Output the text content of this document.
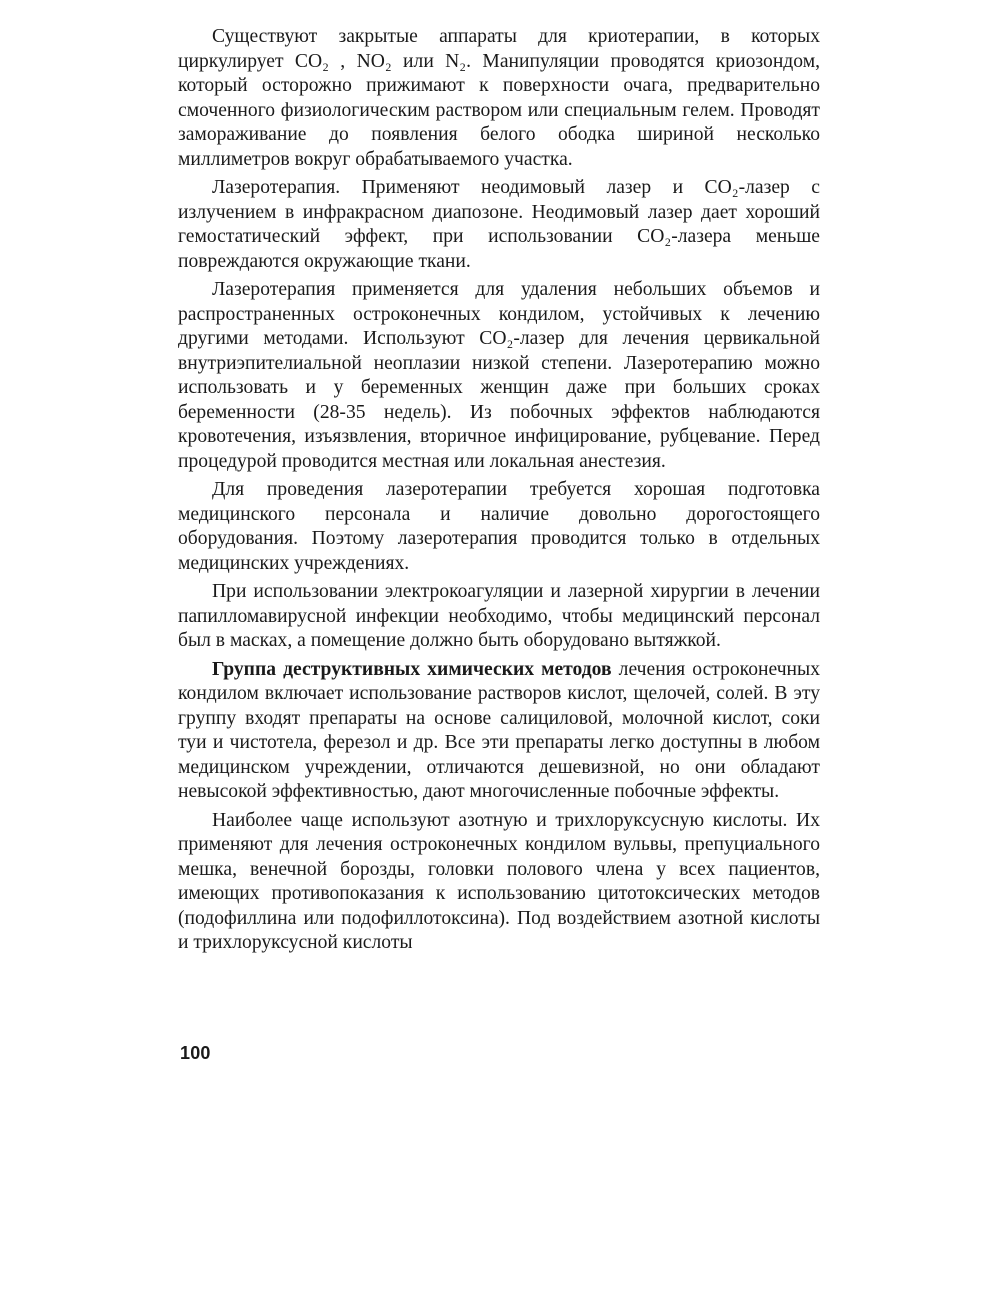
Существуют закрытые аппараты для криотерапии, в которых циркулирует CO₂ , NO₂ или N₂. Манипуляции проводятся криозондом, который осторожно прижимают к поверхности очага, предварительно смоченного физиологическим раствором или специальным гелем. Проводят замораживание до появления белого ободка шириной несколько миллиметров вокруг обрабатываемого участка.

Лазеротерапия. Применяют неодимовый лазер и CO₂-лазер с излучением в инфракрасном диапозоне. Неодимовый лазер дает хороший гемостатический эффект, при использовании CO₂-лазера меньше повреждаются окружающие ткани.

Лазеротерапия применяется для удаления небольших объемов и распространенных остроконечных кондилом, устойчивых к лечению другими методами. Используют CO₂-лазер для лечения цервикальной внутриэпителиальной неоплазии низкой степени. Лазеротерапию можно использовать и у беременных женщин даже при больших сроках беременности (28-35 недель). Из побочных эффектов наблюдаются кровотечения, изъязвления, вторичное инфицирование, рубцевание. Перед процедурой проводится местная или локальная анестезия.

Для проведения лазеротерапии требуется хорошая подготовка медицинского персонала и наличие довольно дорогостоящего оборудования. Поэтому лазеротерапия проводится только в отдельных медицинских учреждениях.

При использовании электрокоагуляции и лазерной хирургии в лечении папилломавирусной инфекции необходимо, чтобы медицинский персонал был в масках, а помещение должно быть оборудовано вытяжкой.

Группа деструктивных химических методов лечения остроконечных кондилом включает использование растворов кислот, щелочей, солей. В эту группу входят препараты на основе салициловой, молочной кислот, соки туи и чистотела, ферезол и др. Все эти препараты легко доступны в любом медицинском учреждении, отличаются дешевизной, но они обладают невысокой эффективностью, дают многочисленные побочные эффекты.

Наиболее чаще используют азотную и трихлоруксусную кислоты. Их применяют для лечения остроконечных кондилом вульвы, препуциального мешка, венечной борозды, головки полового члена у всех пациентов, имеющих противопоказания к использованию цитотоксических методов (подофиллина или подофиллотоксина). Под воздействием азотной кислоты и трихлоруксусной кислоты

100
